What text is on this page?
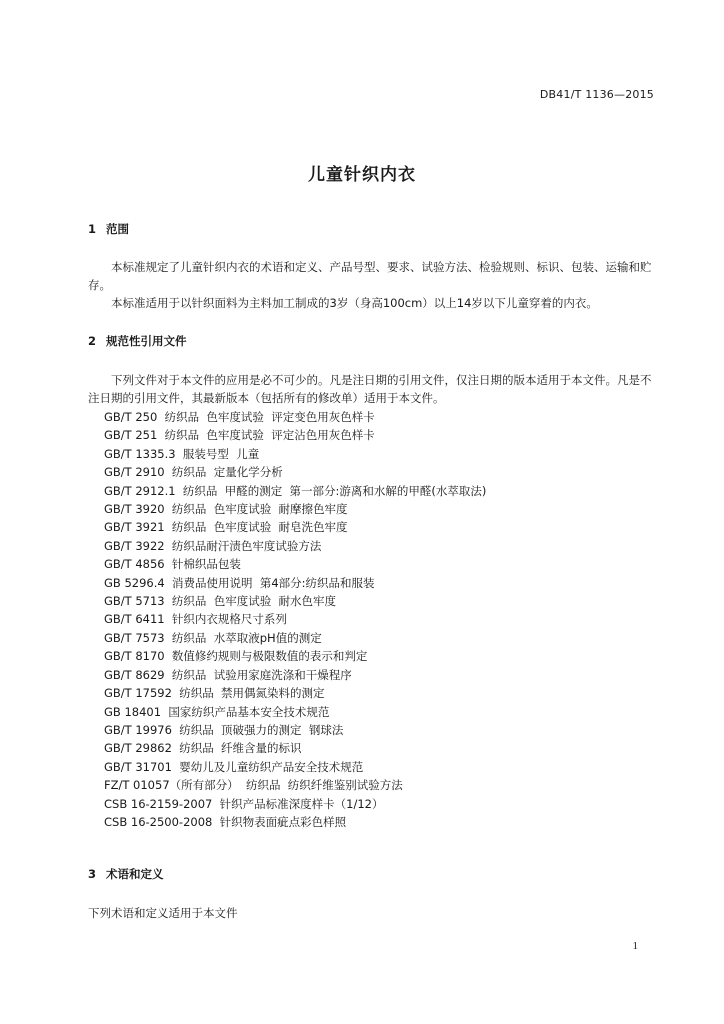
DB41/T 1136—2015
儿童针织内衣
1 范围
本标准规定了儿童针织内衣的术语和定义、产品号型、要求、试验方法、检验规则、标识、包装、运输和贮存。
本标准适用于以针织面料为主料加工制成的3岁（身高100cm）以上14岁以下儿童穿着的内衣。
2 规范性引用文件
下列文件对于本文件的应用是必不可少的。凡是注日期的引用文件，仅注日期的版本适用于本文件。凡是不注日期的引用文件，其最新版本（包括所有的修改单）适用于本文件。
GB/T 250  纺织品  色牢度试验  评定变色用灰色样卡
GB/T 251  纺织品  色牢度试验  评定沾色用灰色样卡
GB/T 1335.3  服装号型  儿童
GB/T 2910  纺织品  定量化学分析
GB/T 2912.1  纺织品  甲醛的测定  第一部分:游离和水解的甲醛(水萃取法)
GB/T 3920  纺织品  色牢度试验  耐摩擦色牢度
GB/T 3921  纺织品  色牢度试验  耐皂洗色牢度
GB/T 3922  纺织品耐汗渍色牢度试验方法
GB/T 4856  针棉织品包装
GB 5296.4  消费品使用说明  第4部分:纺织品和服装
GB/T 5713  纺织品  色牢度试验  耐水色牢度
GB/T 6411  针织内衣规格尺寸系列
GB/T 7573  纺织品  水萃取液pH值的测定
GB/T 8170  数值修约规则与极限数值的表示和判定
GB/T 8629  纺织品  试验用家庭洗涤和干燥程序
GB/T 17592  纺织品  禁用偶氮染料的测定
GB 18401  国家纺织产品基本安全技术规范
GB/T 19976  纺织品  顶破强力的测定  钢球法
GB/T 29862  纺织品  纤维含量的标识
GB/T 31701  婴幼儿及儿童纺织产品安全技术规范
FZ/T 01057（所有部分）  纺织品  纺织纤维鉴别试验方法
CSB 16-2159-2007  针织产品标准深度样卡（1/12）
CSB 16-2500-2008  针织物表面疵点彩色样照
3 术语和定义
下列术语和定义适用于本文件
1
